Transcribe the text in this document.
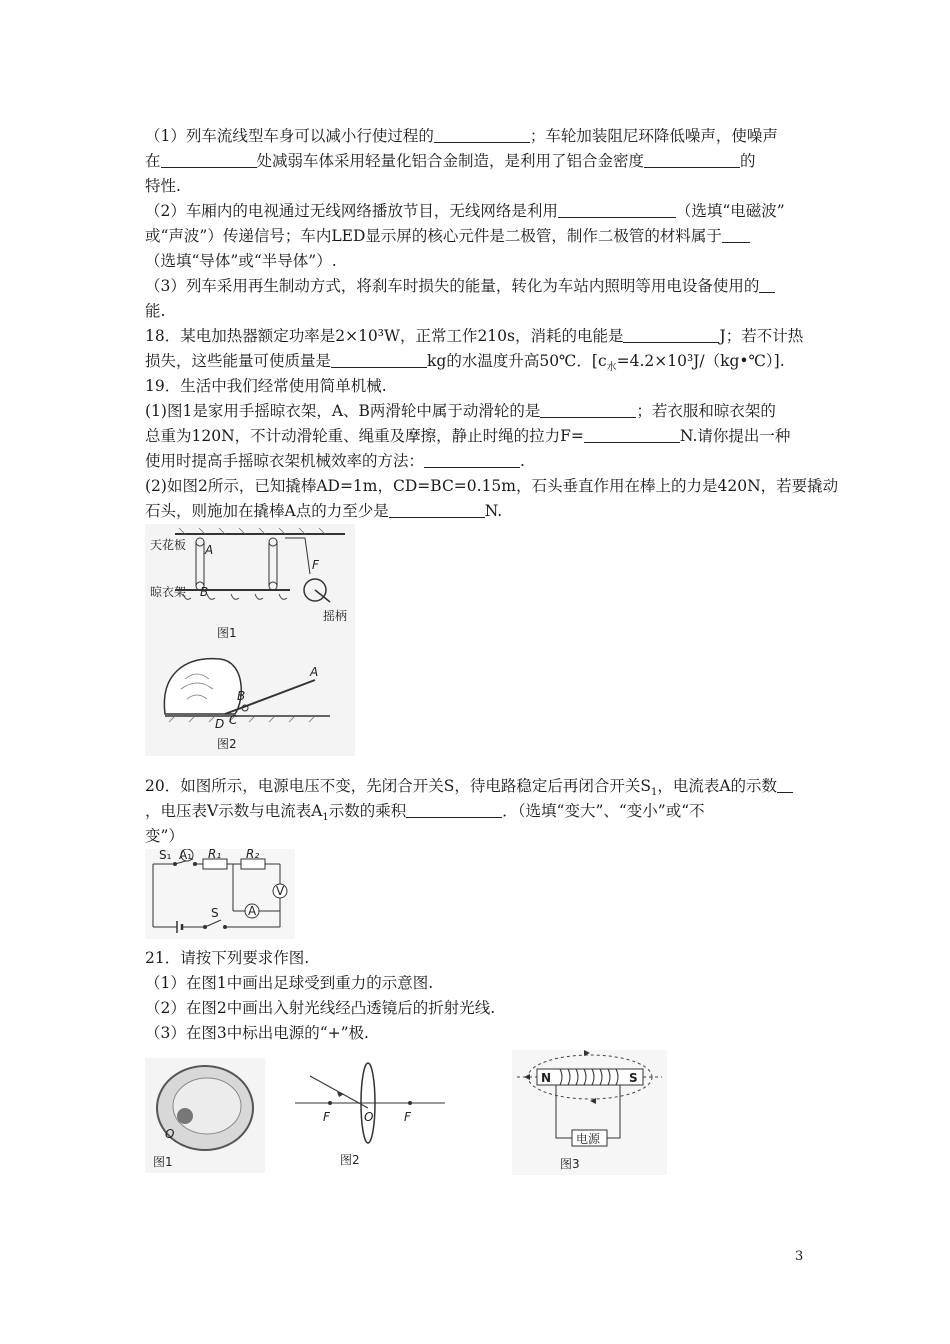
（1）列车流线型车身可以减小行使过程的	；车轮加装阻尼环降低噪声，使噪声
在	处减弱车体采用轻量化铝合金制造，是利用了铝合金密度	的
特性.
（2）车厢内的电视通过无线网络播放节目，无线网络是利用	（选填“电磁波”
或“声波”）传递信号；车内LED显示屏的核心元件是二极管，制作二极管的材料属于
（选填“导体”或“半导体”）.
（3）列车采用再生制动方式，将刹车时损失的能量，转化为车站内照明等用电设备使用的
能.
18．某电加热器额定功率是2×10³W，正常工作210s，消耗的电能是	J；若不计热
损失，这些能量可使质量是	kg的水温度升高50℃．$[c_水=4.2\times 10^3J/(kg•℃)]$.
19．生活中我们经常使用简单机械.
(1)图1是家用手摇晾衣架，A、B两滑轮中属于动滑轮的是	；若衣服和晾衣架的
总重为120N，不计动滑轮重、绳重及摩擦，静止时绳的拉力F=	N.请你提出一种
使用时提高手摇晾衣架机械效率的方法：	.
(2)如图2所示，已知撬棒AD=1m，CD=BC=0.15m，石头垂直作用在棒上的力是420N，若要撬动
石头，则施加在撬棒A点的力至少是	N.
天花板 A
B
F
晾衣架
摇柄
图1
A
B
C
D
图2
20．如图所示，电源电压不变，先闭合开关S，待电路稳定后再闭合开关$S_1$，电流表A的示数
，电压表V示数与电流表$A_1$示数的乘积	．（选填“变大”、“变小”或“不
变”）
S₁ A₁ R₁ R₂
V
A
S
21．请按下列要求作图.
（1）在图1中画出足球受到重力的示意图.
（2）在图2中画出入射光线经凸透镜后的折射光线.
（3）在图3中标出电源的“+”极.
O
图1
F	O	F
图2
N	S
电源
图3
3
